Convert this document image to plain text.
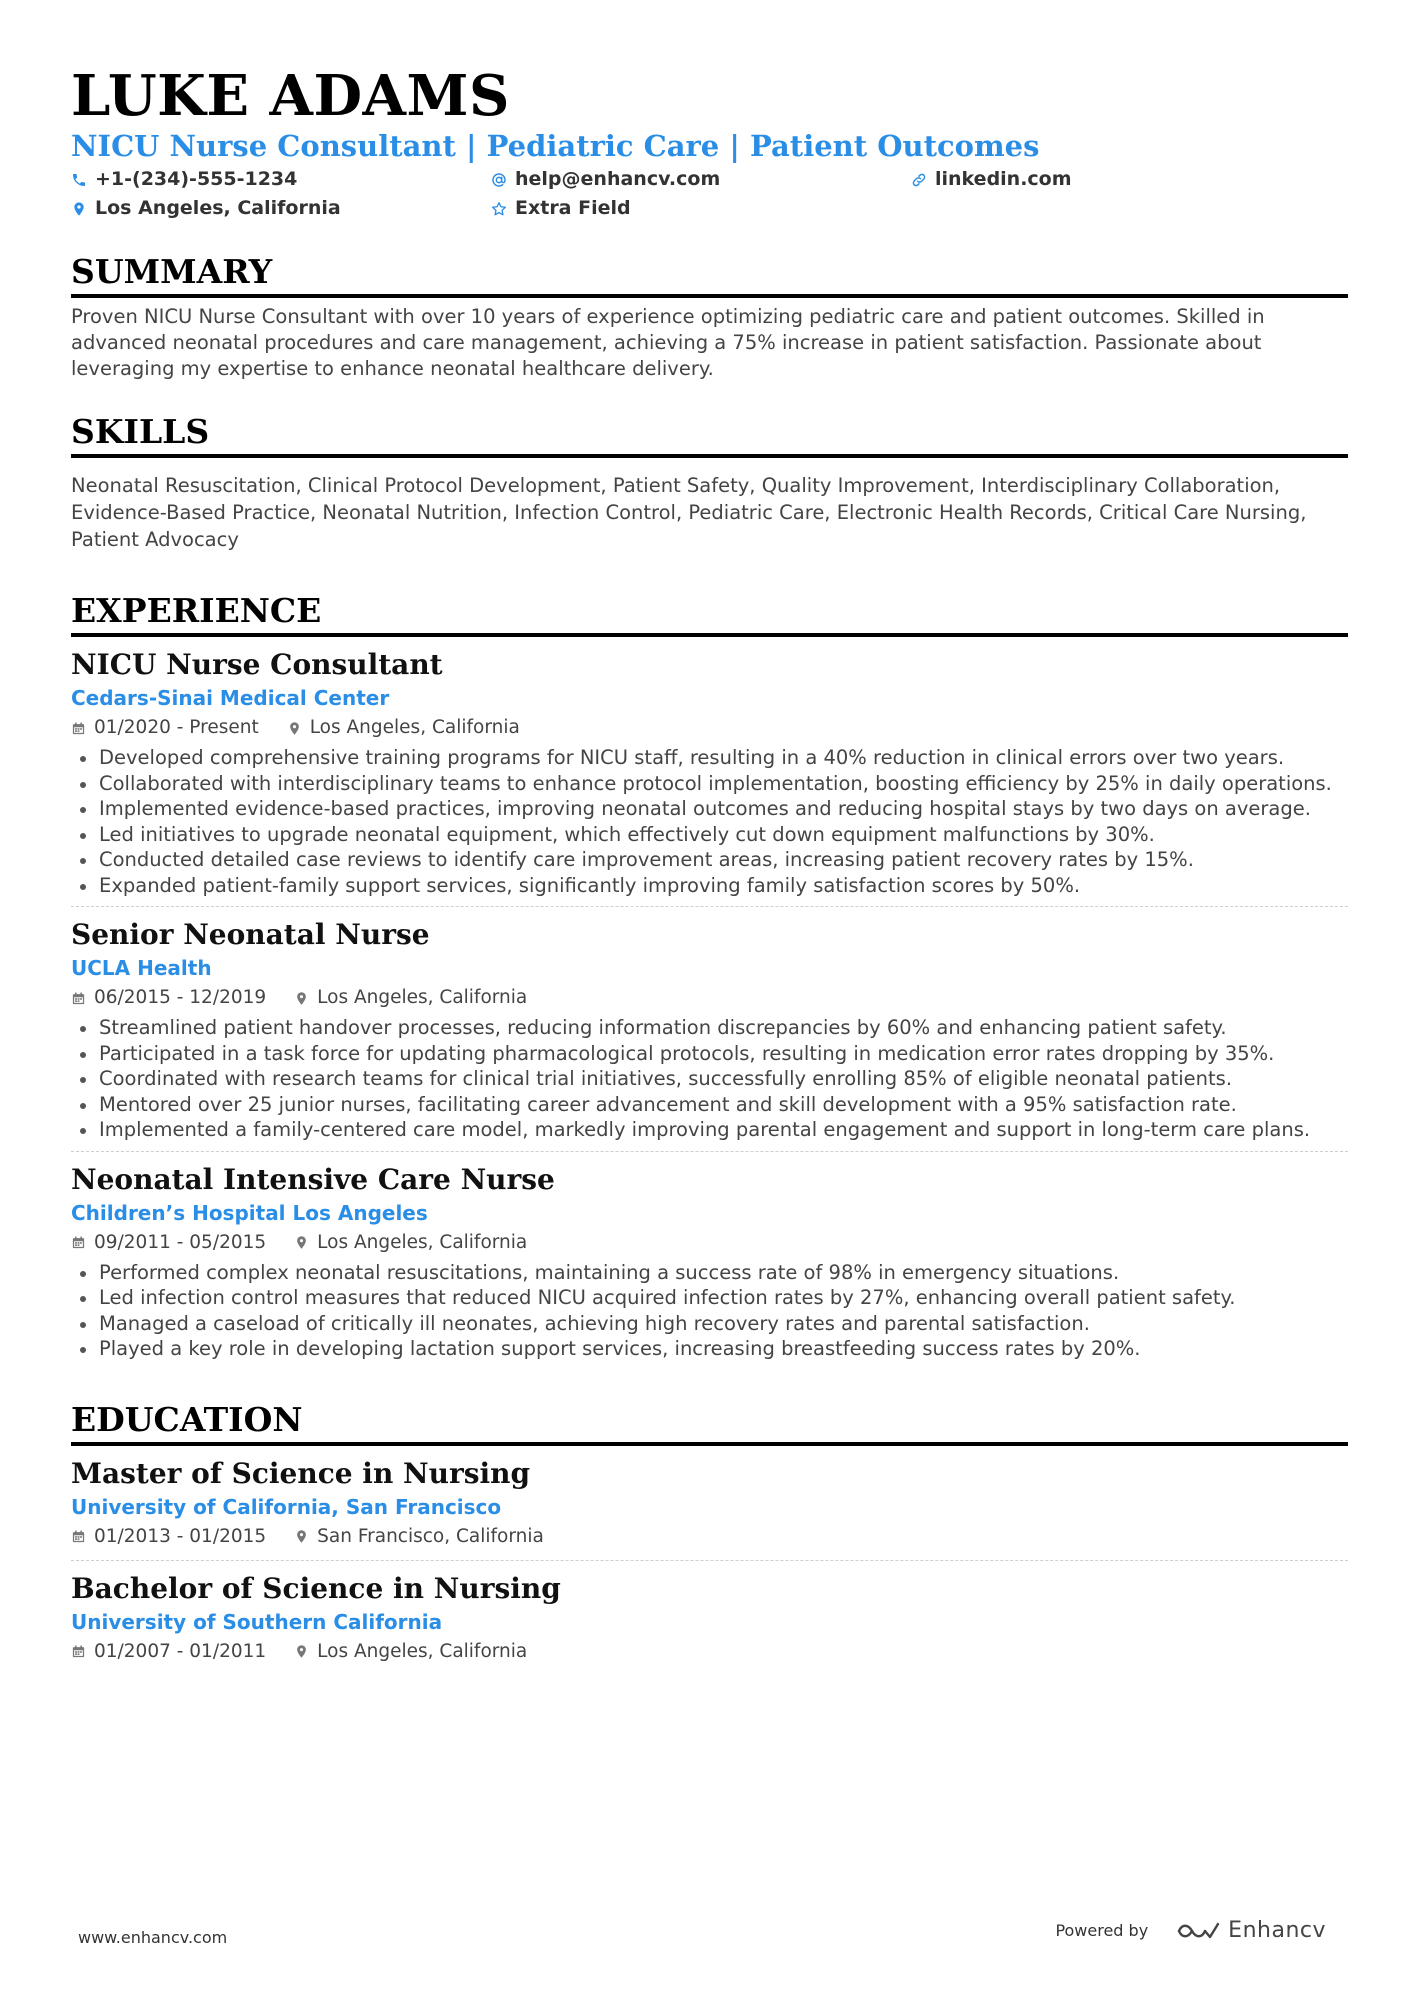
LUKE ADAMS
NICU Nurse Consultant | Pediatric Care | Patient Outcomes
+1-(234)-555-1234	help@enhancv.com	linkedin.com
Los Angeles, California	Extra Field
SUMMARY
Proven NICU Nurse Consultant with over 10 years of experience optimizing pediatric care and patient outcomes. Skilled in advanced neonatal procedures and care management, achieving a 75% increase in patient satisfaction. Passionate about leveraging my expertise to enhance neonatal healthcare delivery.
SKILLS
Neonatal Resuscitation, Clinical Protocol Development, Patient Safety, Quality Improvement, Interdisciplinary Collaboration, Evidence-Based Practice, Neonatal Nutrition, Infection Control, Pediatric Care, Electronic Health Records, Critical Care Nursing, Patient Advocacy
EXPERIENCE
NICU Nurse Consultant
Cedars-Sinai Medical Center
01/2020 - Present	Los Angeles, California
Developed comprehensive training programs for NICU staff, resulting in a 40% reduction in clinical errors over two years.
Collaborated with interdisciplinary teams to enhance protocol implementation, boosting efficiency by 25% in daily operations.
Implemented evidence-based practices, improving neonatal outcomes and reducing hospital stays by two days on average.
Led initiatives to upgrade neonatal equipment, which effectively cut down equipment malfunctions by 30%.
Conducted detailed case reviews to identify care improvement areas, increasing patient recovery rates by 15%.
Expanded patient-family support services, significantly improving family satisfaction scores by 50%.
Senior Neonatal Nurse
UCLA Health
06/2015 - 12/2019	Los Angeles, California
Streamlined patient handover processes, reducing information discrepancies by 60% and enhancing patient safety.
Participated in a task force for updating pharmacological protocols, resulting in medication error rates dropping by 35%.
Coordinated with research teams for clinical trial initiatives, successfully enrolling 85% of eligible neonatal patients.
Mentored over 25 junior nurses, facilitating career advancement and skill development with a 95% satisfaction rate.
Implemented a family-centered care model, markedly improving parental engagement and support in long-term care plans.
Neonatal Intensive Care Nurse
Children’s Hospital Los Angeles
09/2011 - 05/2015	Los Angeles, California
Performed complex neonatal resuscitations, maintaining a success rate of 98% in emergency situations.
Led infection control measures that reduced NICU acquired infection rates by 27%, enhancing overall patient safety.
Managed a caseload of critically ill neonates, achieving high recovery rates and parental satisfaction.
Played a key role in developing lactation support services, increasing breastfeeding success rates by 20%.
EDUCATION
Master of Science in Nursing
University of California, San Francisco
01/2013 - 01/2015	San Francisco, California
Bachelor of Science in Nursing
University of Southern California
01/2007 - 01/2011	Los Angeles, California
www.enhancv.com	Powered by	Enhancv
